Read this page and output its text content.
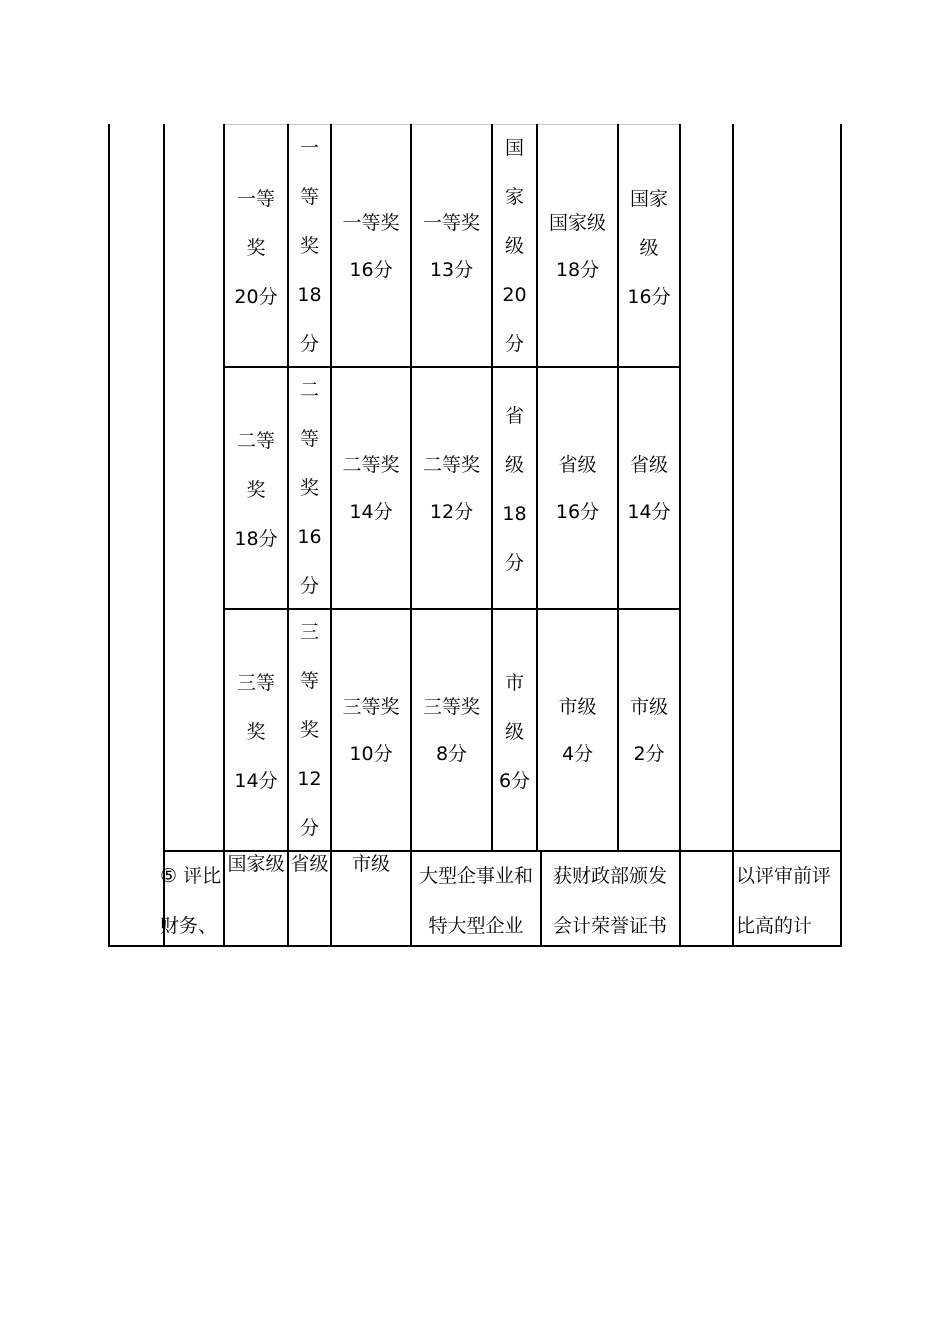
一等
奖
20分
一
等
奖
18
分
一等奖
16分
一等奖
13分
国
家
级
20
分
国家级
18分
国家
级
16分
二等
奖
18分
二
等
奖
16
分
二等奖
14分
二等奖
12分
省
级
18
分
省级
16分
省级
14分
三等
奖
14分
三
等
奖
12
分
三等奖
10分
三等奖
8分
市
级
6分
市级
4分
市级
2分
⑤ 评比
财务、
国家级 省级	市级
大型企事业和
特大型企业
获财政部颁发
会计荣誉证书
以评审前评
比高的计
